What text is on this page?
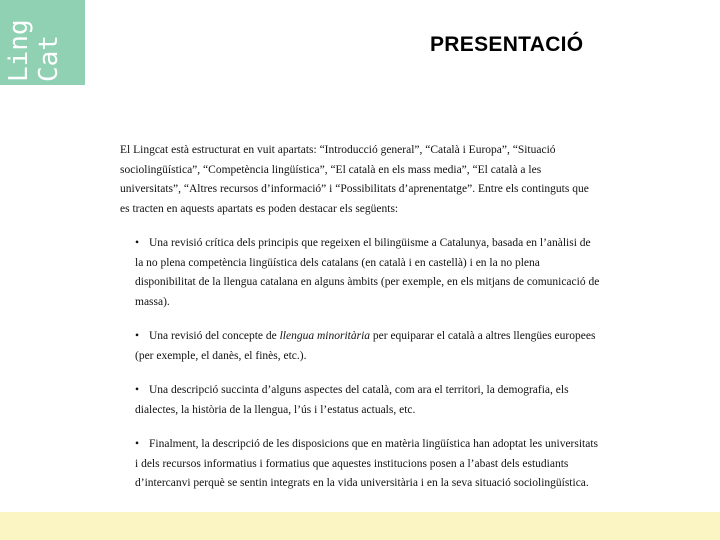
Ling Cat	PRESENTACIÓ

El Lingcat està estructurat en vuit apartats: “Introducció general”, “Català i Europa”, “Situació sociolingüística”, “Competència lingüística”, “El català en els mass media”, “El català a les universitats”, “Altres recursos d’informació” i “Possibilitats d’aprenentatge”. Entre els continguts que es tracten en aquests apartats es poden destacar els següents:

• Una revisió crítica dels principis que regeixen el bilingüisme a Catalunya, basada en l’anàlisi de la no plena competència lingüística dels catalans (en català i en castellà) i en la no plena disponibilitat de la llengua catalana en alguns àmbits (per exemple, en els mitjans de comunicació de massa).
• Una revisió del concepte de llengua minoritària per equiparar el català a altres llengües europees (per exemple, el danès, el finès, etc.).
• Una descripció succinta d’alguns aspectes del català, com ara el territori, la demografia, els dialectes, la història de la llengua, l’ús i l’estatus actuals, etc.
• Finalment, la descripció de les disposicions que en matèria lingüística han adoptat les universitats i dels recursos informatius i formatius que aquestes institucions posen a l’abast dels estudiants d’intercanvi perquè se sentin integrats en la vida universitària i en la seva situació sociolingüística.
